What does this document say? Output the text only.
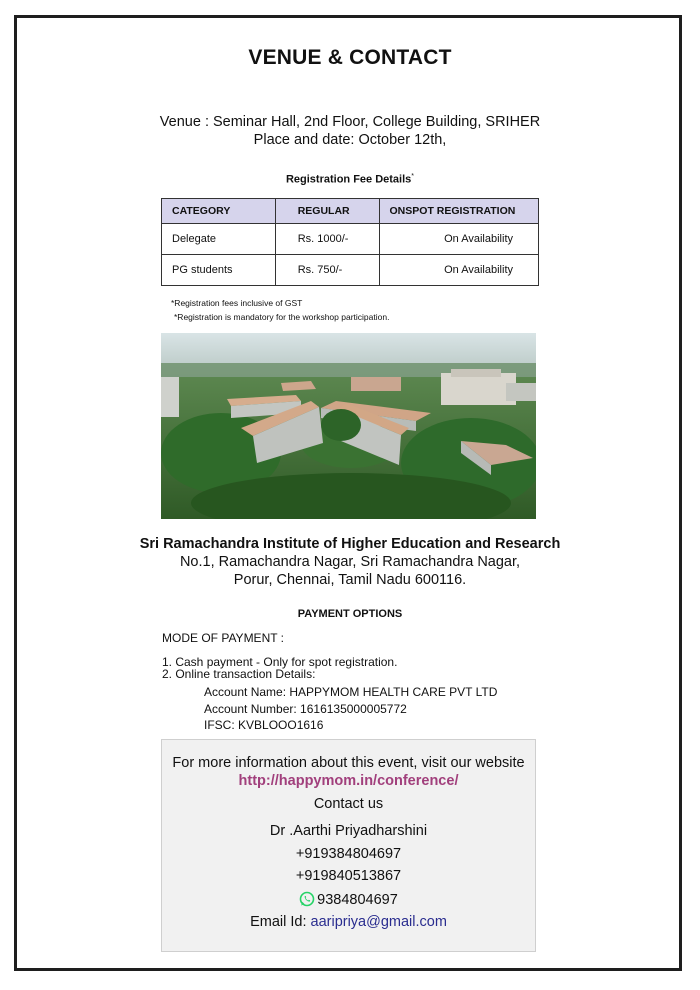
VENUE & CONTACT
Venue : Seminar Hall, 2nd Floor, College Building, SRIHER
Place and date: October 12th,
Registration Fee Details*
CATEGORY	REGULAR	ONSPOT REGISTRATION
Delegate	Rs. 1000/-	On Availability
PG students	Rs. 750/-	On Availability
*Registration fees inclusive of GST
*Registration is mandatory for the workshop participation.
Sri Ramachandra Institute of Higher Education and Research
No.1, Ramachandra Nagar, Sri Ramachandra Nagar,
Porur, Chennai, Tamil Nadu 600116.
PAYMENT OPTIONS
MODE OF PAYMENT :
1. Cash payment - Only for spot registration.
2. Online transaction Details:
Account Name: HAPPYMOM HEALTH CARE PVT LTD
Account Number: 1616135000005772
IFSC: KVBLOOO1616
For more information about this event, visit our website
http://happymom.in/conference/
Contact us
Dr .Aarthi Priyadharshini
+919384804697
+919840513867
9384804697
Email Id: aaripriya@gmail.com
